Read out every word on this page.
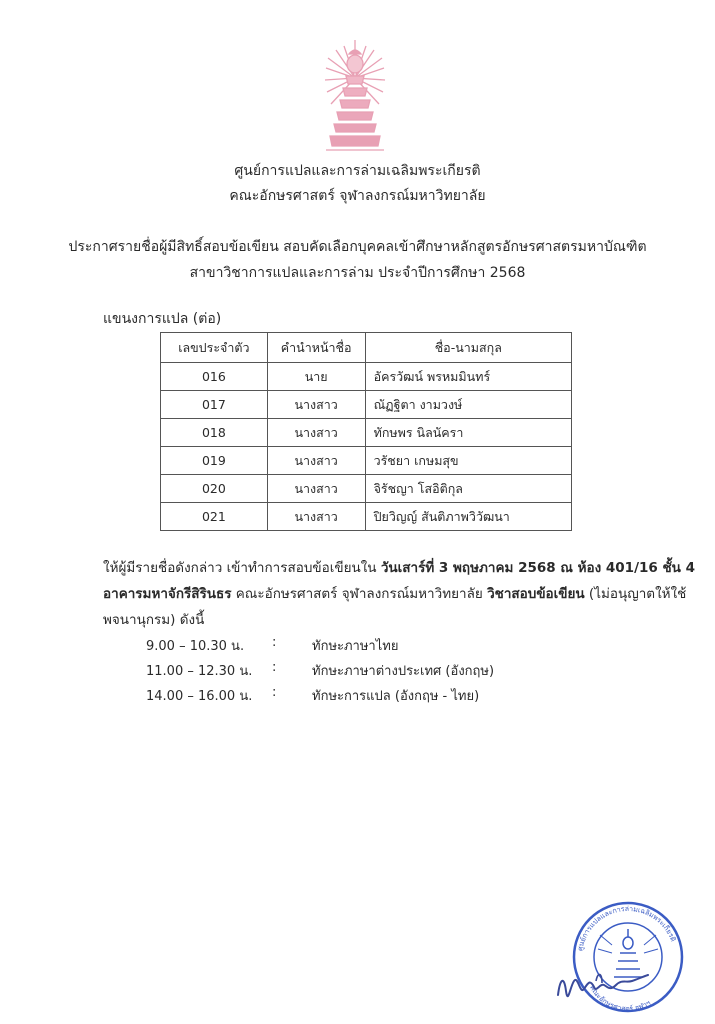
ศูนย์การแปลและการล่ามเฉลิมพระเกียรติ
คณะอักษรศาสตร์ จุฬาลงกรณ์มหาวิทยาลัย
ประกาศรายชื่อผู้มีสิทธิ์สอบข้อเขียน สอบคัดเลือกบุคคลเข้าศึกษาหลักสูตรอักษรศาสตรมหาบัณฑิต
สาขาวิชาการแปลและการล่าม ประจำปีการศึกษา 2568
แขนงการแปล (ต่อ)
เลขประจำตัว	คำนำหน้าชื่อ	ชื่อ-นามสกุล
016	นาย	อัครวัฒน์ พรหมมินทร์
017	นางสาว	ณัฏฐิตา งามวงษ์
018	นางสาว	ทักษพร นิลนัครา
019	นางสาว	วรัชยา เกษมสุข
020	นางสาว	จิรัชญา โสอิติกุล
021	นางสาว	ปิยวิญญ์ สันติภาพวิวัฒนา
ให้ผู้มีรายชื่อดังกล่าว เข้าทำการสอบข้อเขียนใน วันเสาร์ที่ 3 พฤษภาคม 2568 ณ ห้อง 401/16 ชั้น 4
อาคารมหาจักรีสิรินธร คณะอักษรศาสตร์ จุฬาลงกรณ์มหาวิทยาลัย วิชาสอบข้อเขียน (ไม่อนุญาตให้ใช้
พจนานุกรม) ดังนี้
9.00 – 10.30 น. :	ทักษะภาษาไทย
11.00 – 12.30 น. :	ทักษะภาษาต่างประเทศ (อังกฤษ)
14.00 – 16.00 น. :	ทักษะการแปล (อังกฤษ - ไทย)
ศูนย์การแปลและการล่ามเฉลิมพระเกียรติ
คณะอักษรศาสตร์ จุฬาฯ
